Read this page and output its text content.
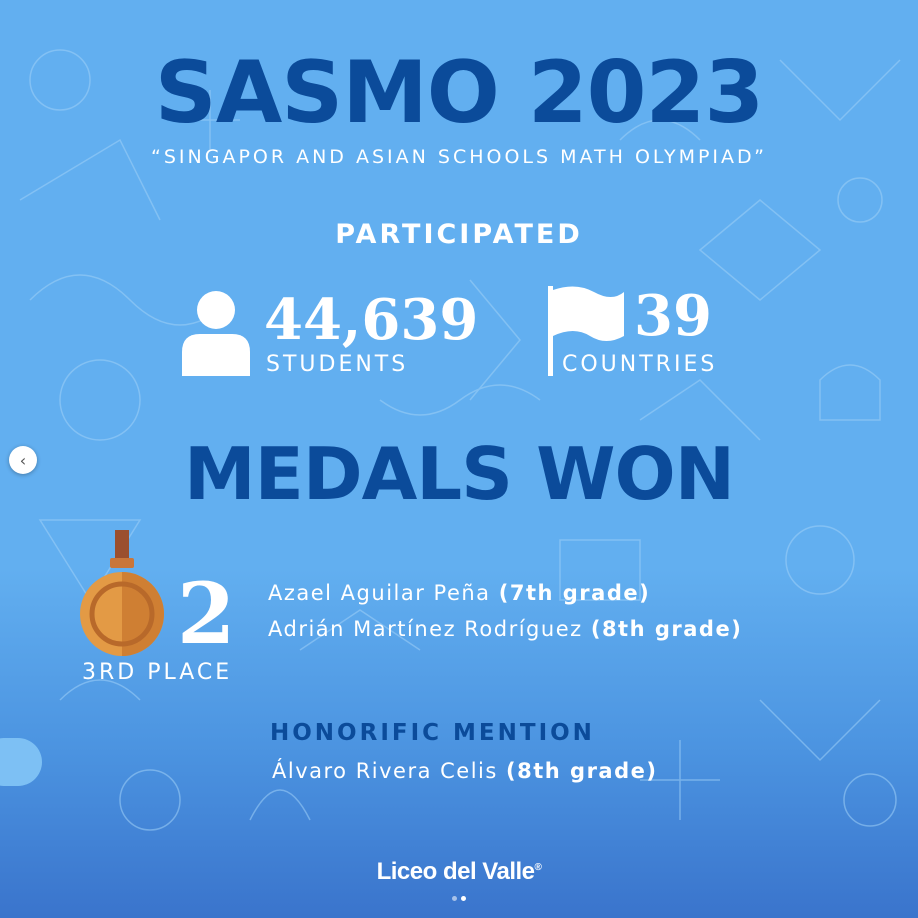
SASMO 2023
“SINGAPOR AND ASIAN SCHOOLS MATH OLYMPIAD”
PARTICIPATED
44,639
STUDENTS
39
COUNTRIES
MEDALS WON
2
3RD PLACE
Azael Aguilar Peña (7th grade)
Adrián Martínez Rodríguez (8th grade)
HONORIFIC MENTION
Álvaro Rivera Celis (8th grade)
Liceo del Valle®
‹
